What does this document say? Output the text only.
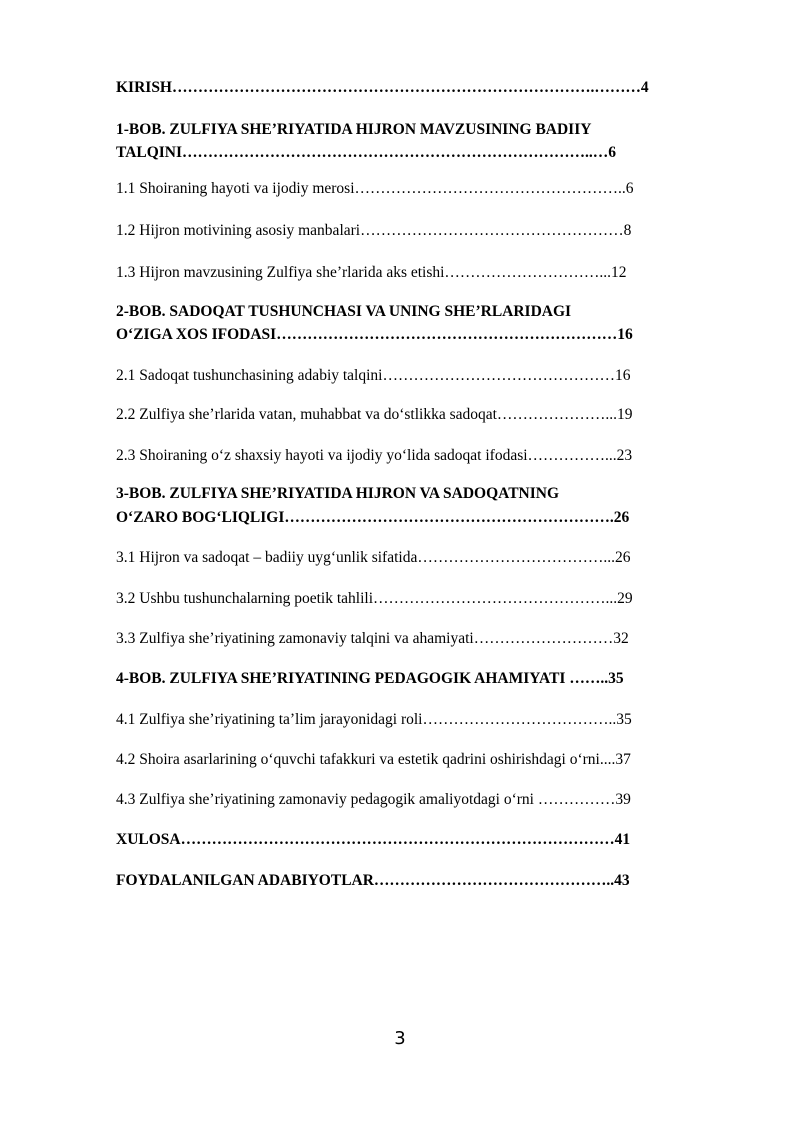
KIRISH……………………………………………………………………….………4
1-BOB. ZULFIYA SHE’RIYATIDA HIJRON MAVZUSINING BADIIY
TALQINI……………………………………………………………………..…6
1.1 Shoiraning hayoti va ijodiy merosi……………………………………………..6
1.2 Hijron motivining asosiy manbalari……………………………………………8
1.3 Hijron mavzusining Zulfiya she’rlarida aks etishi…………………………...12
2-BOB. SADOQAT TUSHUNCHASI VA UNING SHE’RLARIDAGI
O‘ZIGA XOS IFODASI…………………………………………………………16
2.1 Sadoqat tushunchasining adabiy talqini………………………………………16
2.2 Zulfiya she’rlarida vatan, muhabbat va do‘stlikka sadoqat…………………...19
2.3 Shoiraning o‘z shaxsiy hayoti va ijodiy yo‘lida sadoqat ifodasi……………...23
3-BOB. ZULFIYA SHE’RIYATIDA HIJRON VA SADOQATNING
O‘ZARO BOG‘LIQLIGI……………………………………………………….26
3.1 Hijron va sadoqat – badiiy uyg‘unlik sifatida………………………………...26
3.2 Ushbu tushunchalarning poetik tahlili………………………………………...29
3.3 Zulfiya she’riyatining zamonaviy talqini va ahamiyati………………………32
4-BOB. ZULFIYA SHE’RIYATINING PEDAGOGIK AHAMIYATI ……..35
4.1 Zulfiya she’riyatining ta’lim jarayonidagi roli………………………………..35
4.2 Shoira asarlarining o‘quvchi tafakkuri va estetik qadrini oshirishdagi o‘rni....37
4.3 Zulfiya she’riyatining zamonaviy pedagogik amaliyotdagi o‘rni ……………39
XULOSA…………………………………………………………………………41
FOYDALANILGAN ADABIYOTLAR………………………………………..43
3
